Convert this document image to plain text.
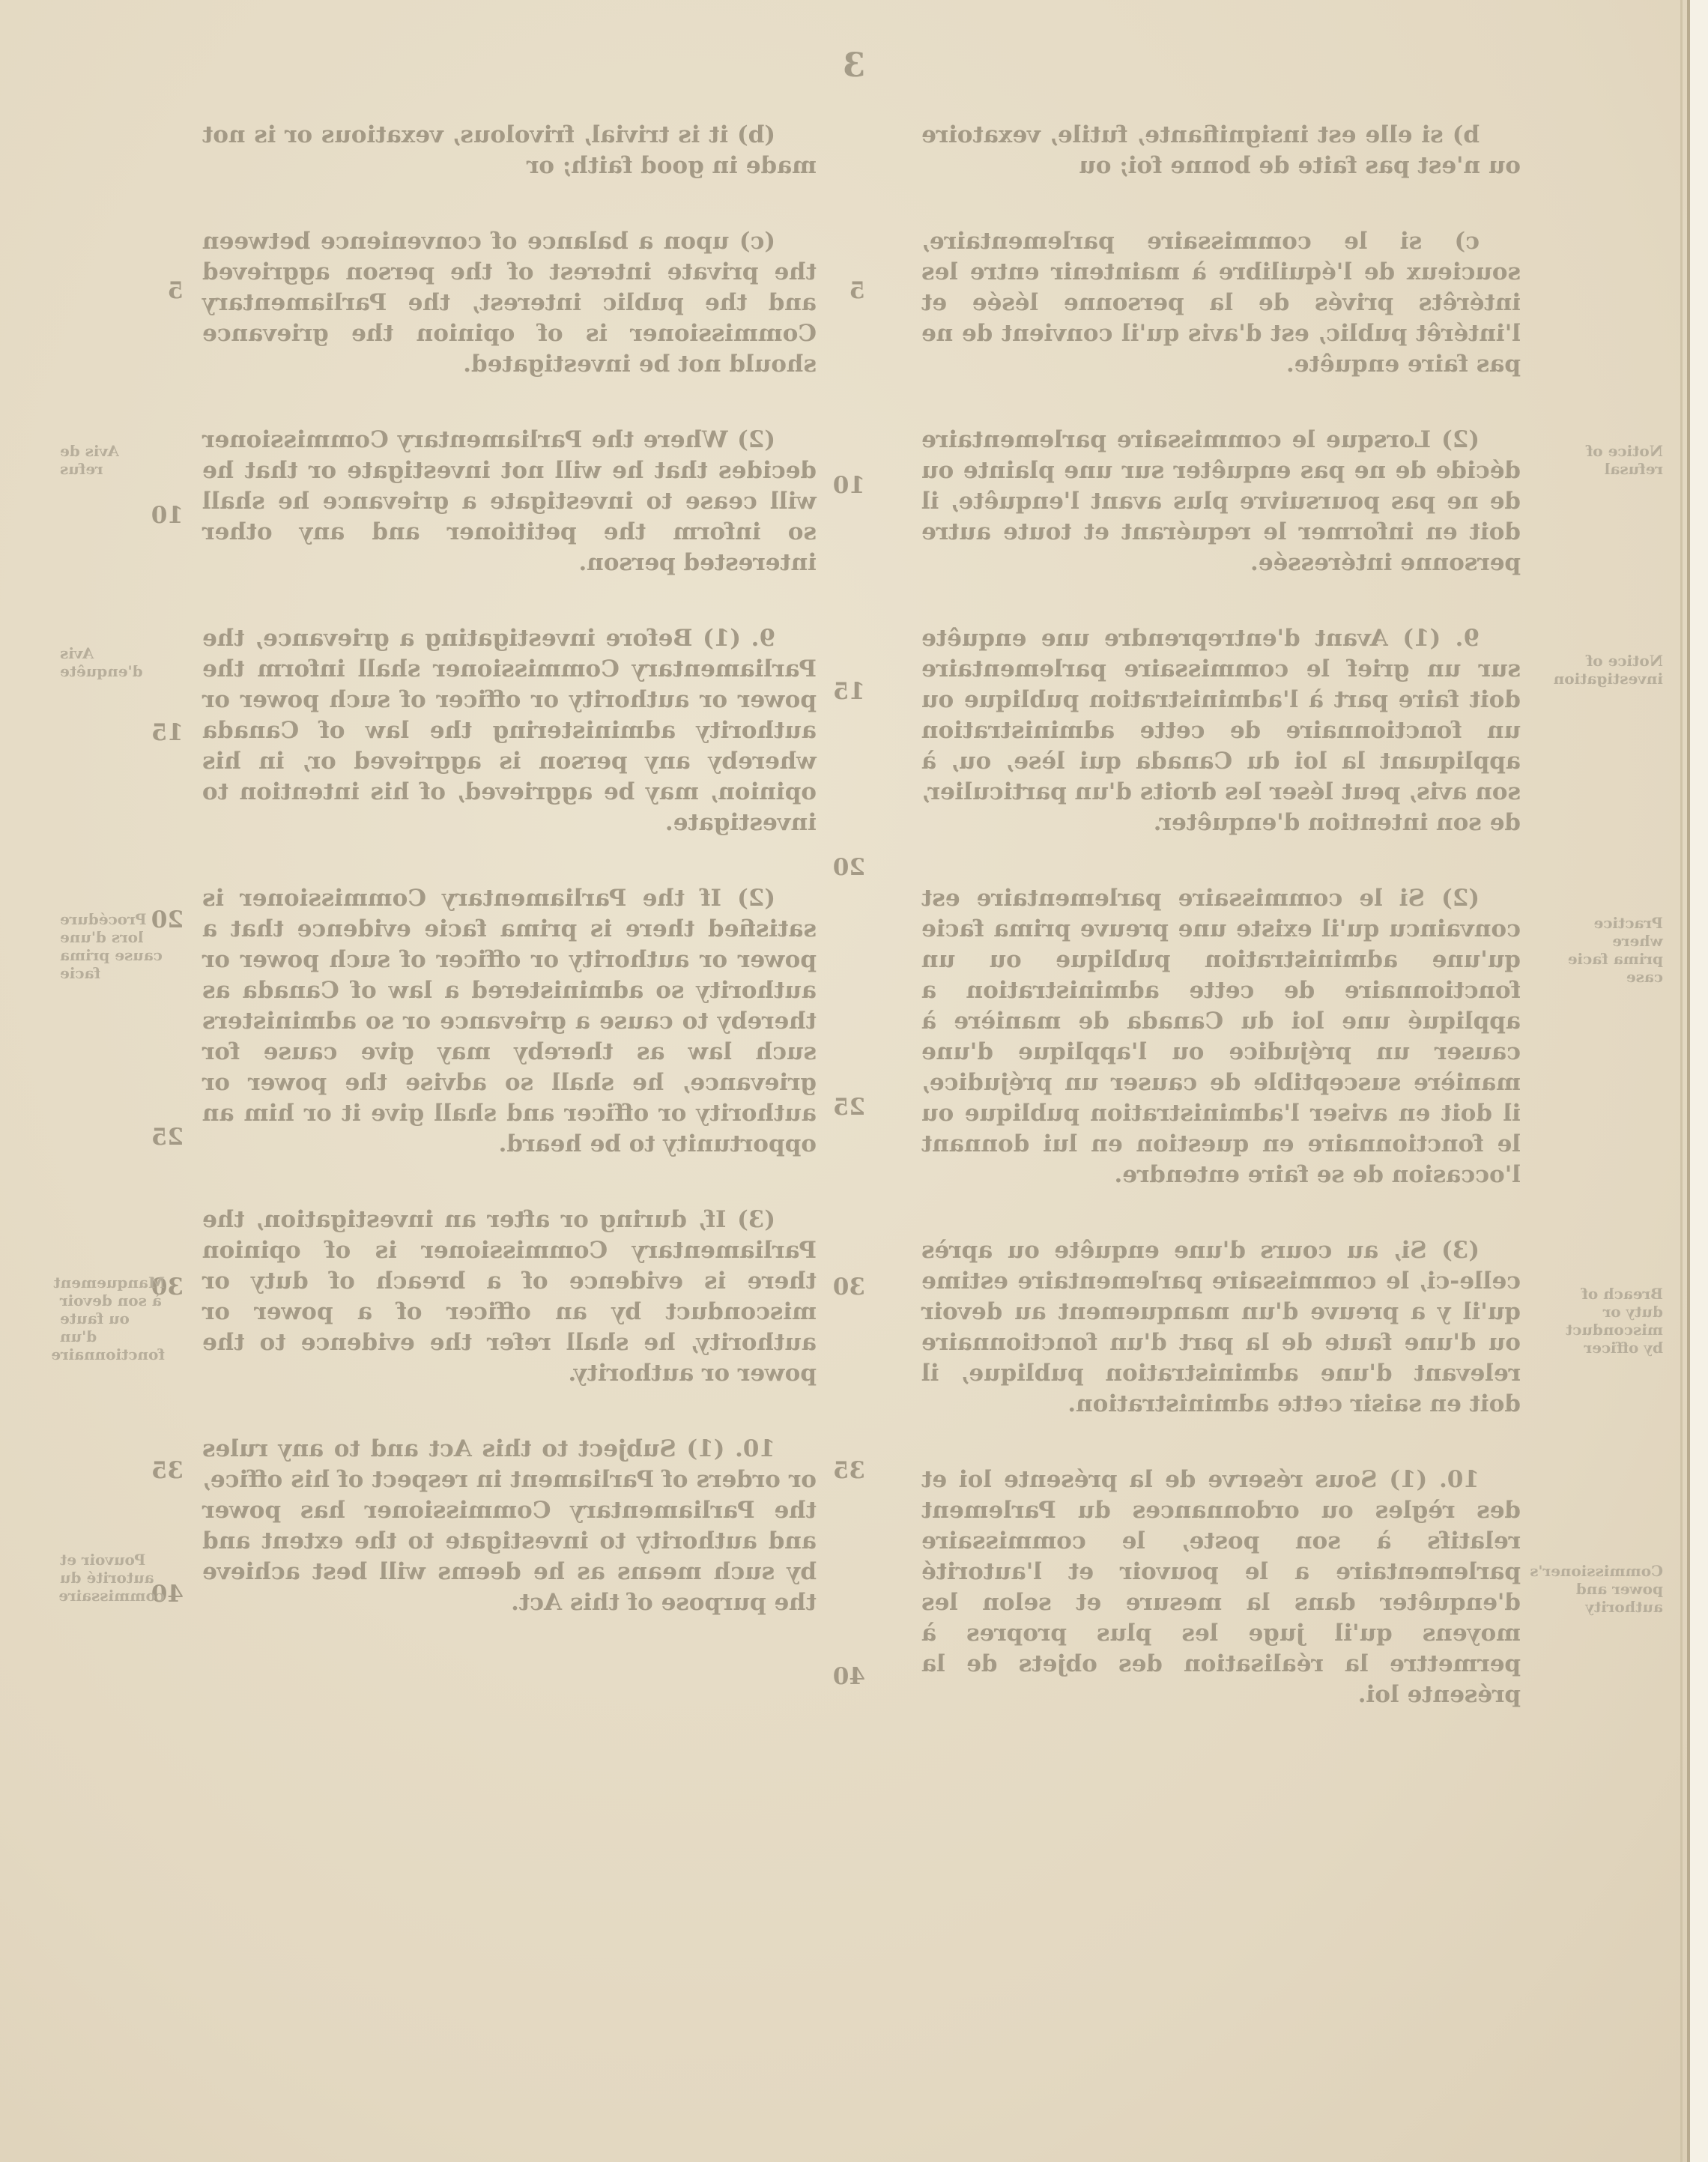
3

(b) it is trivial, frivolous, vexatious or is not made in good faith; or

(c) upon a balance of convenience between the private interest of the person aggrieved and the public interest, the Parliamentary Commissioner is of opinion the grievance should not be investigated.

(2) Where the Parliamentary Commissioner decides that he will not investigate or that he will cease to investigate a grievance he shall so inform the petitioner and any other interested person.

9. (1) Before investigating a grievance, the Parliamentary Commissioner shall inform the power or authority or officer of such power or authority administering the law of Canada whereby any person is aggrieved or, in his opinion, may be aggrieved, of his intention to investigate.

(2) If the Parliamentary Commissioner is satisfied there is prima facie evidence that a power or authority or officer of such power or authority so administered a law of Canada as thereby to cause a grievance or so administers such law as thereby may give cause for grievance, he shall so advise the power or authority or officer and shall give it or him an opportunity to be heard.

(3) If, during or after an investigation, the Parliamentary Commissioner is of opinion there is evidence of a breach of duty or misconduct by an officer of a power or authority, he shall refer the evidence to the power or authority.

10. (1) Subject to this Act and to any rules or orders of Parliament in respect of his office, the Parliamentary Commissioner has power and authority to investigate to the extent and by such means as he deems will best achieve the purpose of this Act.

b) si elle est insignifiante, futile, vexatoire ou n'est pas faite de bonne foi; ou

c) si le commissaire parlementaire, soucieux de l'équilibre à maintenir entre les intérêts privés de la personne lésée et l'intérêt public, est d'avis qu'il convient de ne pas faire enquête.

(2) Lorsque le commissaire parlementaire décide de ne pas enquêter sur une plainte ou de ne pas poursuivre plus avant l'enquête, il doit en informer le requérant et toute autre personne intéressée.

9. (1) Avant d'entreprendre une enquête sur un grief le commissaire parlementaire doit faire part à l'administration publique ou un fonctionnaire de cette administration appliquant la loi du Canada qui lèse, ou, à son avis, peut léser les droits d'un particulier, de son intention d'enquêter.

(2) Si le commissaire parlementaire est convaincu qu'il existe une preuve prima facie qu'une administration publique ou un fonctionnaire de cette administration a appliqué une loi du Canada de manière à causer un préjudice ou l'applique d'une manière susceptible de causer un préjudice, il doit en aviser l'administration publique ou le fonctionnaire en question en lui donnant l'occasion de se faire entendre.

(3) Si, au cours d'une enquête ou après celle-ci, le commissaire parlementaire estime qu'il y a preuve d'un manquement au devoir ou d'une faute de la part d'un fonctionnaire relevant d'une administration publique, il doit en saisir cette administration.

10. (1) Sous réserve de la présente loi et des règles ou ordonnances du Parlement relatifs à son poste, le commissaire parlementaire a le pouvoir et l'autorité d'enquêter dans la mesure et selon les moyens qu'il juge les plus propres à permettre la réalisation des objets de la présente loi.

5
10
15
20
25
30
35
40
5
10
15
20
25
30
35
40
Notice of refusal
Notice of investigation
Practice where prima facie case
Breach of duty or misconduct by officer
Commissioner's power and authority
Avis de refus
Avis d'enquête
Procédure lors d'une cause prima facie
Manquement à son devoir ou faute d'un fonctionnaire
Pouvoir et autorité du commissaire
